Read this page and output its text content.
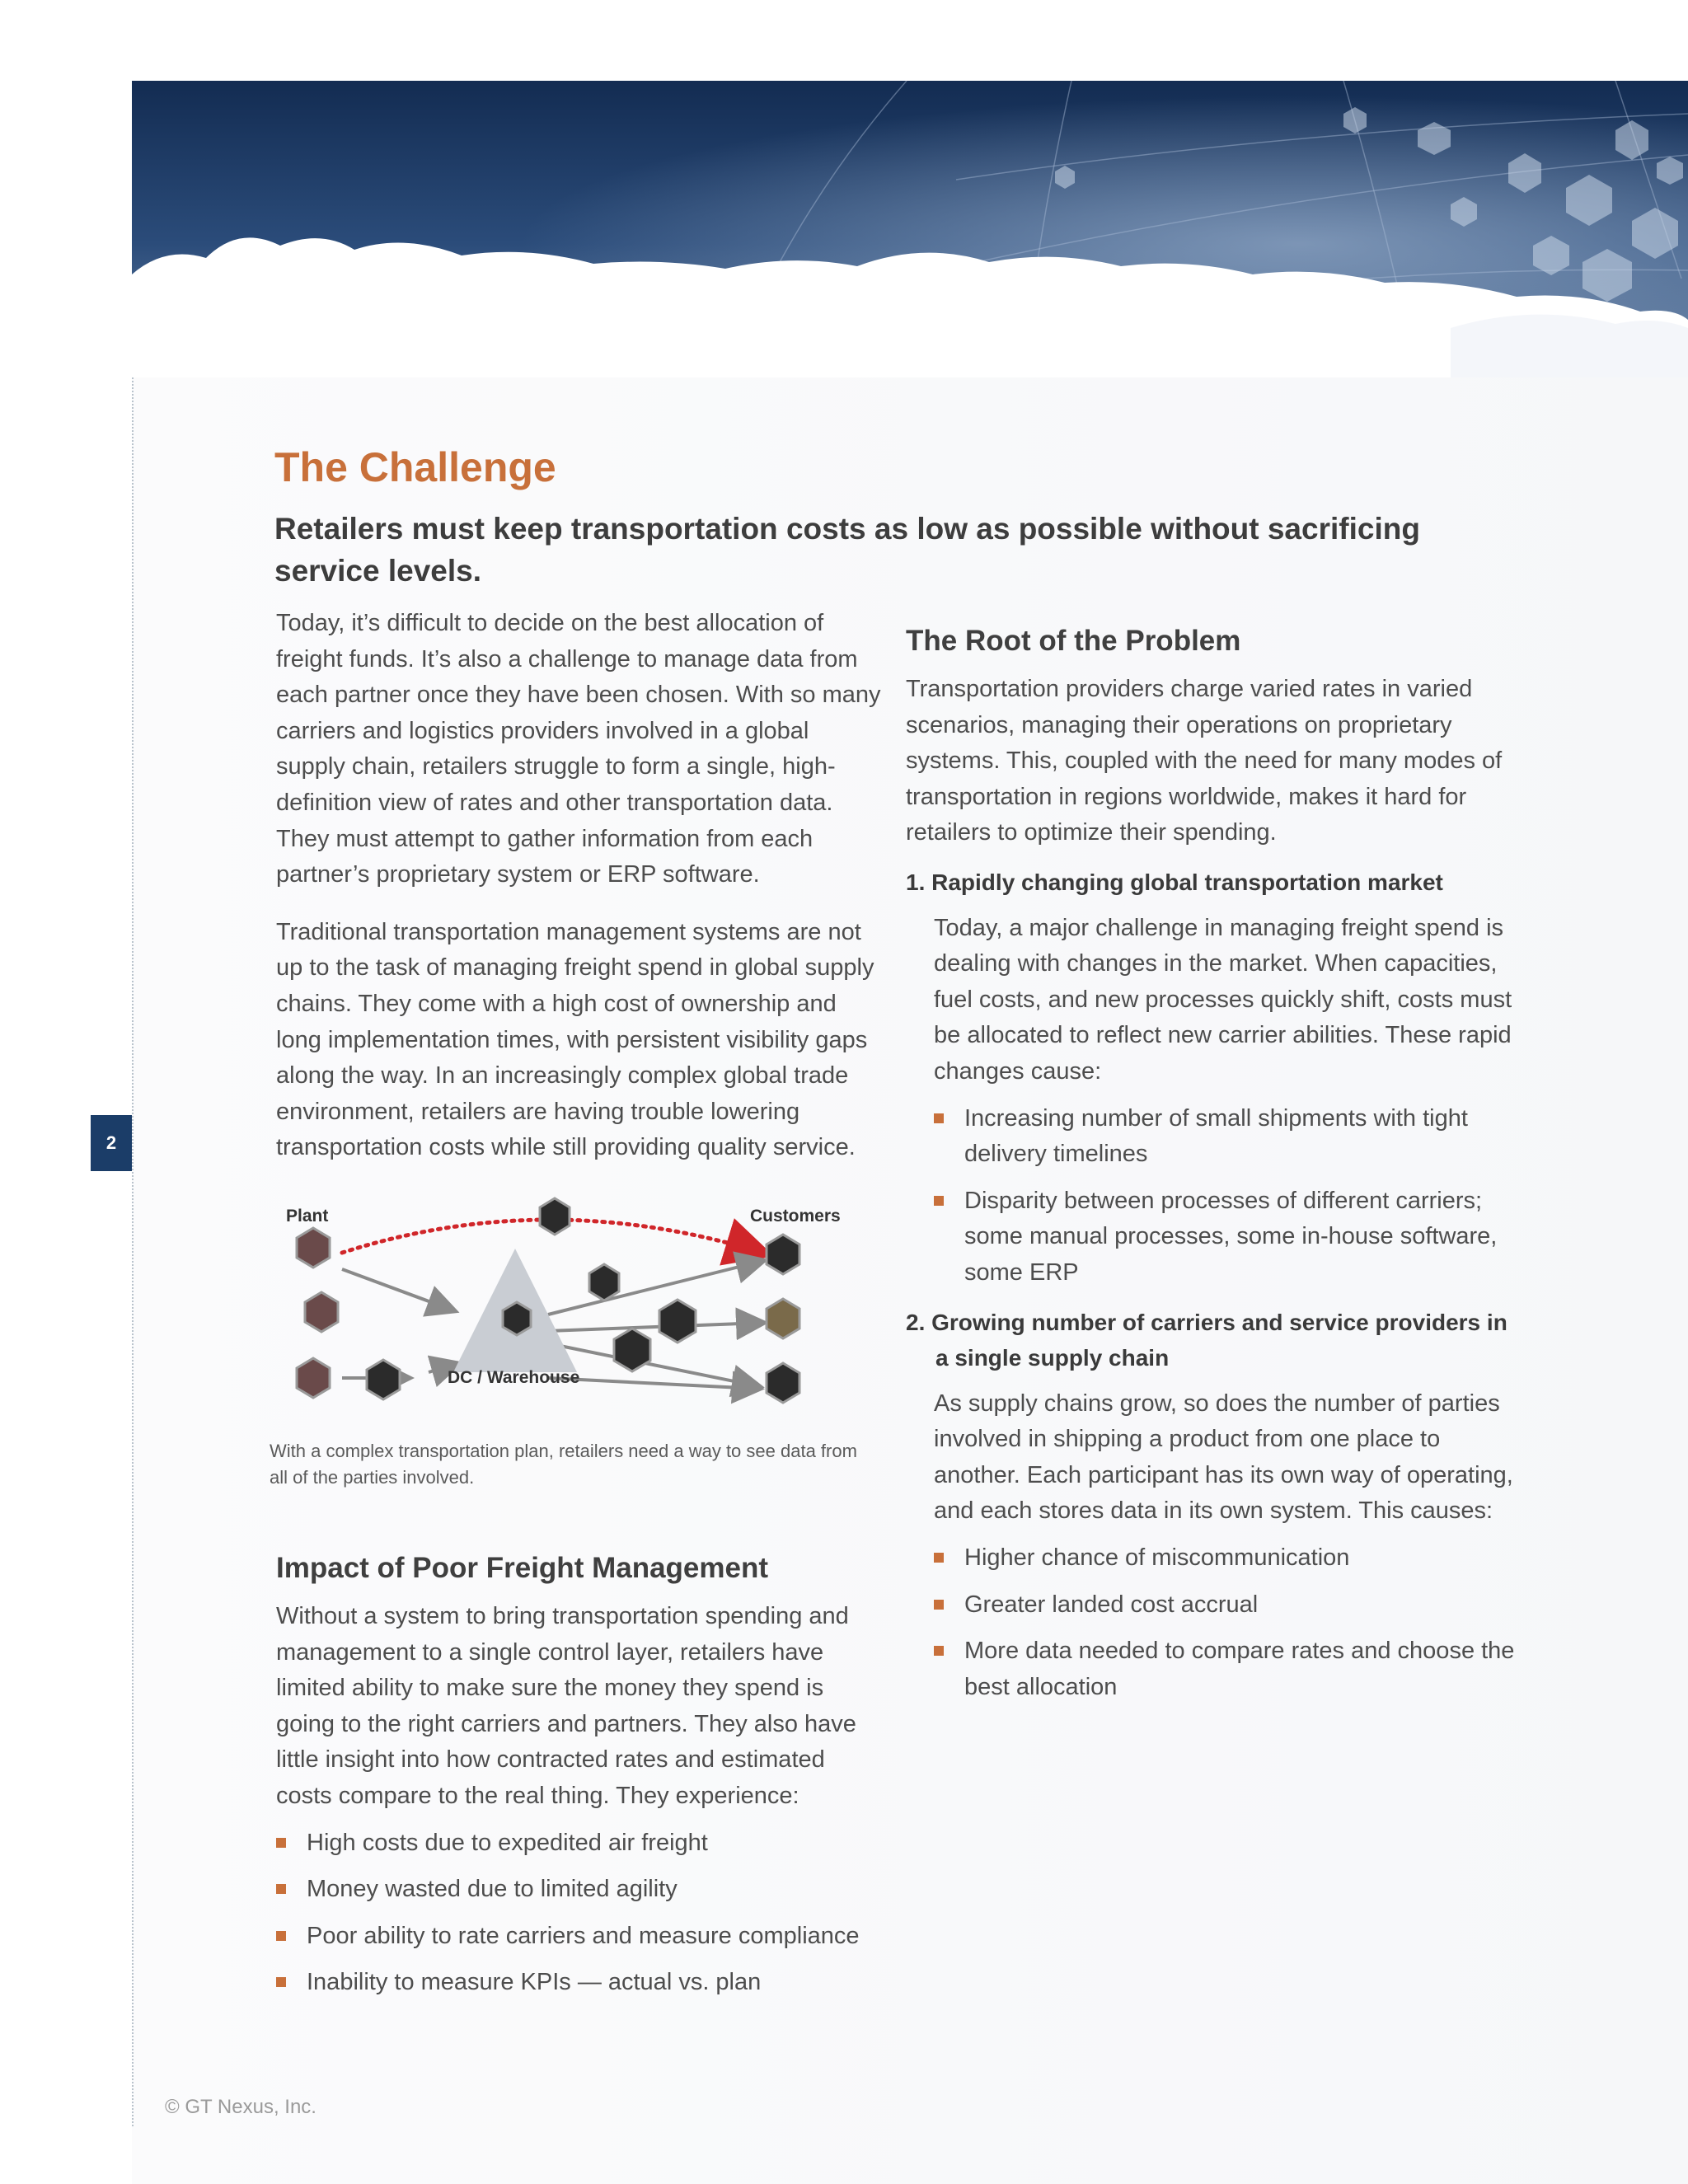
2
The Challenge
Retailers must keep transportation costs as low as possible without sacrificing service levels.

Today, it’s difficult to decide on the best allocation of freight funds. It’s also a challenge to manage data from each partner once they have been chosen. With so many carriers and logistics providers involved in a global supply chain, retailers struggle to form a single, high-definition view of rates and other transportation data. They must attempt to gather information from each partner’s proprietary system or ERP software.

Traditional transportation management systems are not up to the task of managing freight spend in global supply chains. They come with a high cost of ownership and long implementation times, with persistent visibility gaps along the way. In an increasingly complex global trade environment, retailers are having trouble lowering transportation costs while still providing quality service.

Plant	Customers
DC / Warehouse

With a complex transportation plan, retailers need a way to see data from all of the parties involved.

Impact of Poor Freight Management

Without a system to bring transportation spending and management to a single control layer, retailers have limited ability to make sure the money they spend is going to the right carriers and partners. They also have little insight into how contracted rates and estimated costs compare to the real thing. They experience:

High costs due to expedited air freight
Money wasted due to limited agility
Poor ability to rate carriers and measure compliance
Inability to measure KPIs — actual vs. plan
The Root of the Problem

Transportation providers charge varied rates in varied scenarios, managing their operations on proprietary systems. This, coupled with the need for many modes of transportation in regions worldwide, makes it hard for retailers to optimize their spending.

1. Rapidly changing global transportation market

Today, a major challenge in managing freight spend is dealing with changes in the market. When capacities, fuel costs, and new processes quickly shift, costs must be allocated to reflect new carrier abilities. These rapid changes cause:

Increasing number of small shipments with tight delivery timelines
Disparity between processes of different carriers; some manual processes, some in-house software, some ERP

2. Growing number of carriers and service providers in a single supply chain

As supply chains grow, so does the number of parties involved in shipping a product from one place to another. Each participant has its own way of operating, and each stores data in its own system. This causes:

Higher chance of miscommunication
Greater landed cost accrual
More data needed to compare rates and choose the best allocation

© GT Nexus, Inc.
